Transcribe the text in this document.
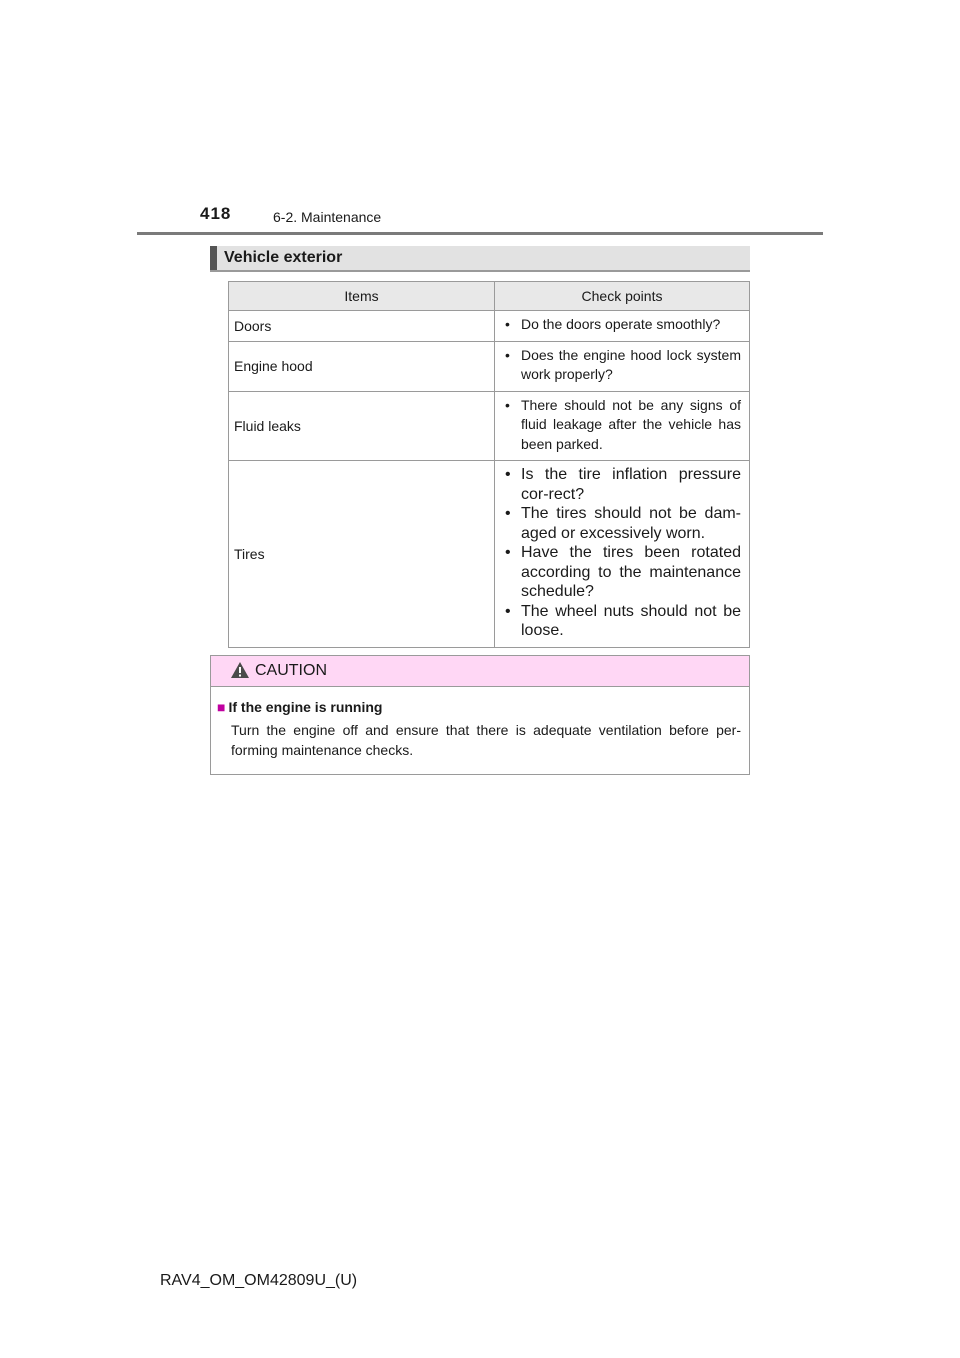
418	6-2. Maintenance
Vehicle exterior
Items	Check points
Doors	• Do the doors operate smoothly?

Engine hood	• Does the engine hood lock system work properly?

Fluid leaks	• There should not be any signs of fluid leakage after the vehicle has been parked.

Tires	• Is the tire inflation pressure cor-rect?
• The tires should not be dam-aged or excessively worn.
• Have the tires been rotated according to the maintenance schedule?
• The wheel nuts should not be loose.
CAUTION
■ If the engine is running
Turn the engine off and ensure that there is adequate ventilation before per-forming maintenance checks.
RAV4_OM_OM42809U_(U)
